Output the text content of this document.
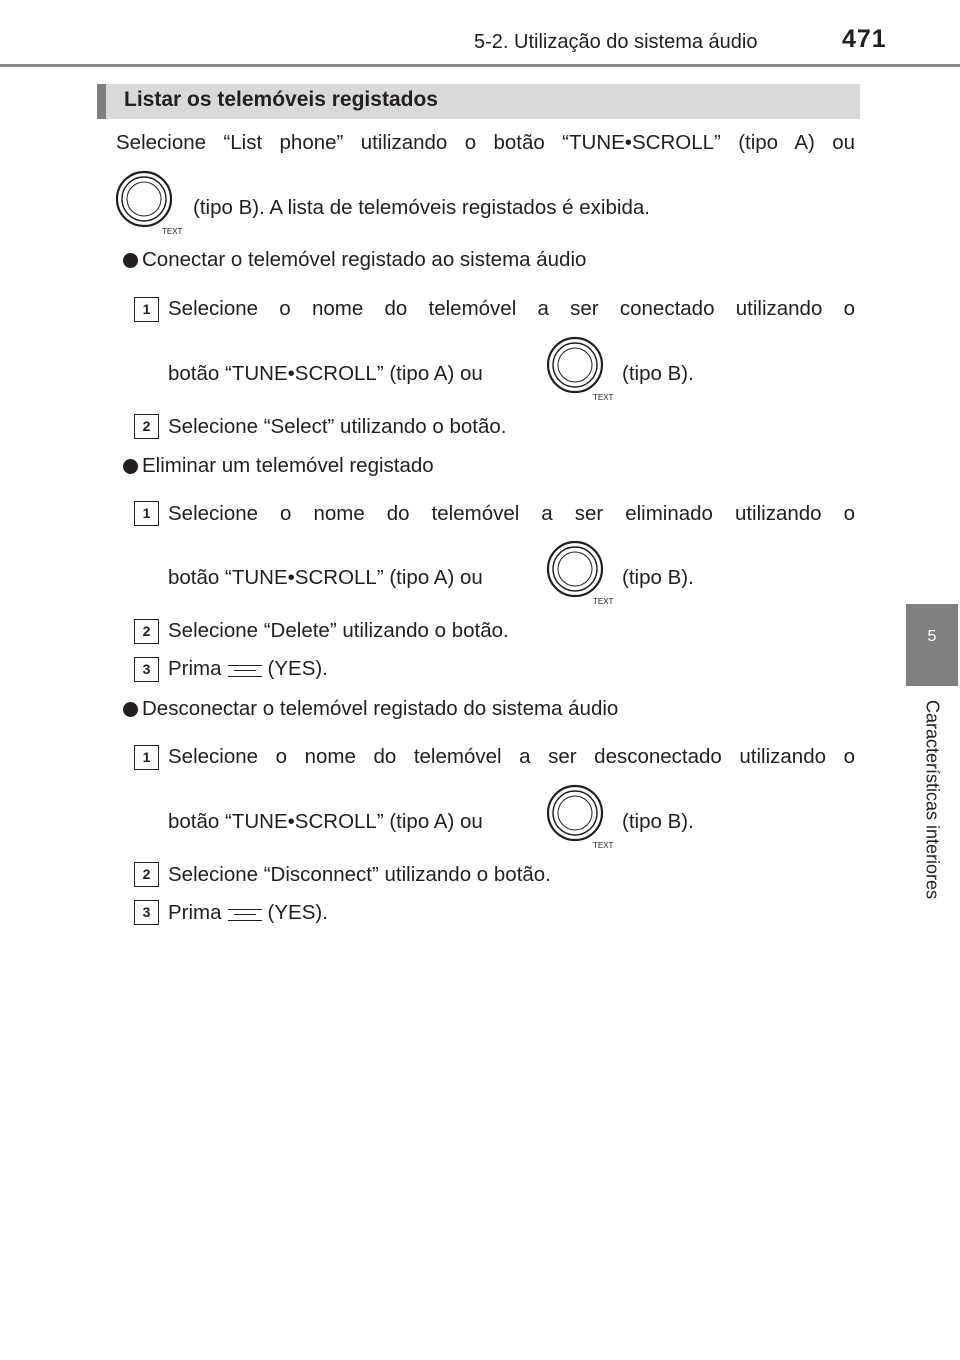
5-2. Utilização do sistema áudio	471
5
Características interiores
Listar os telemóveis registados
Selecione “List phone” utilizando o botão “TUNE•SCROLL” (tipo A) ou
TEXT
(tipo B). A lista de telemóveis registados é exibida.
Conectar o telemóvel registado ao sistema áudio
1 Selecione o nome do telemóvel a ser conectado utilizando o
botão “TUNE•SCROLL” (tipo A) ou
TEXT
(tipo B).
2 Selecione “Select” utilizando o botão.
Eliminar um telemóvel registado
1 Selecione o nome do telemóvel a ser eliminado utilizando o
botão “TUNE•SCROLL” (tipo A) ou
TEXT
(tipo B).
2 Selecione “Delete” utilizando o botão.
3 Prima (YES).
Desconectar o telemóvel registado do sistema áudio
1 Selecione o nome do telemóvel a ser desconectado utilizando o
botão “TUNE•SCROLL” (tipo A) ou
TEXT
(tipo B).
2 Selecione “Disconnect” utilizando o botão.
3 Prima (YES).
